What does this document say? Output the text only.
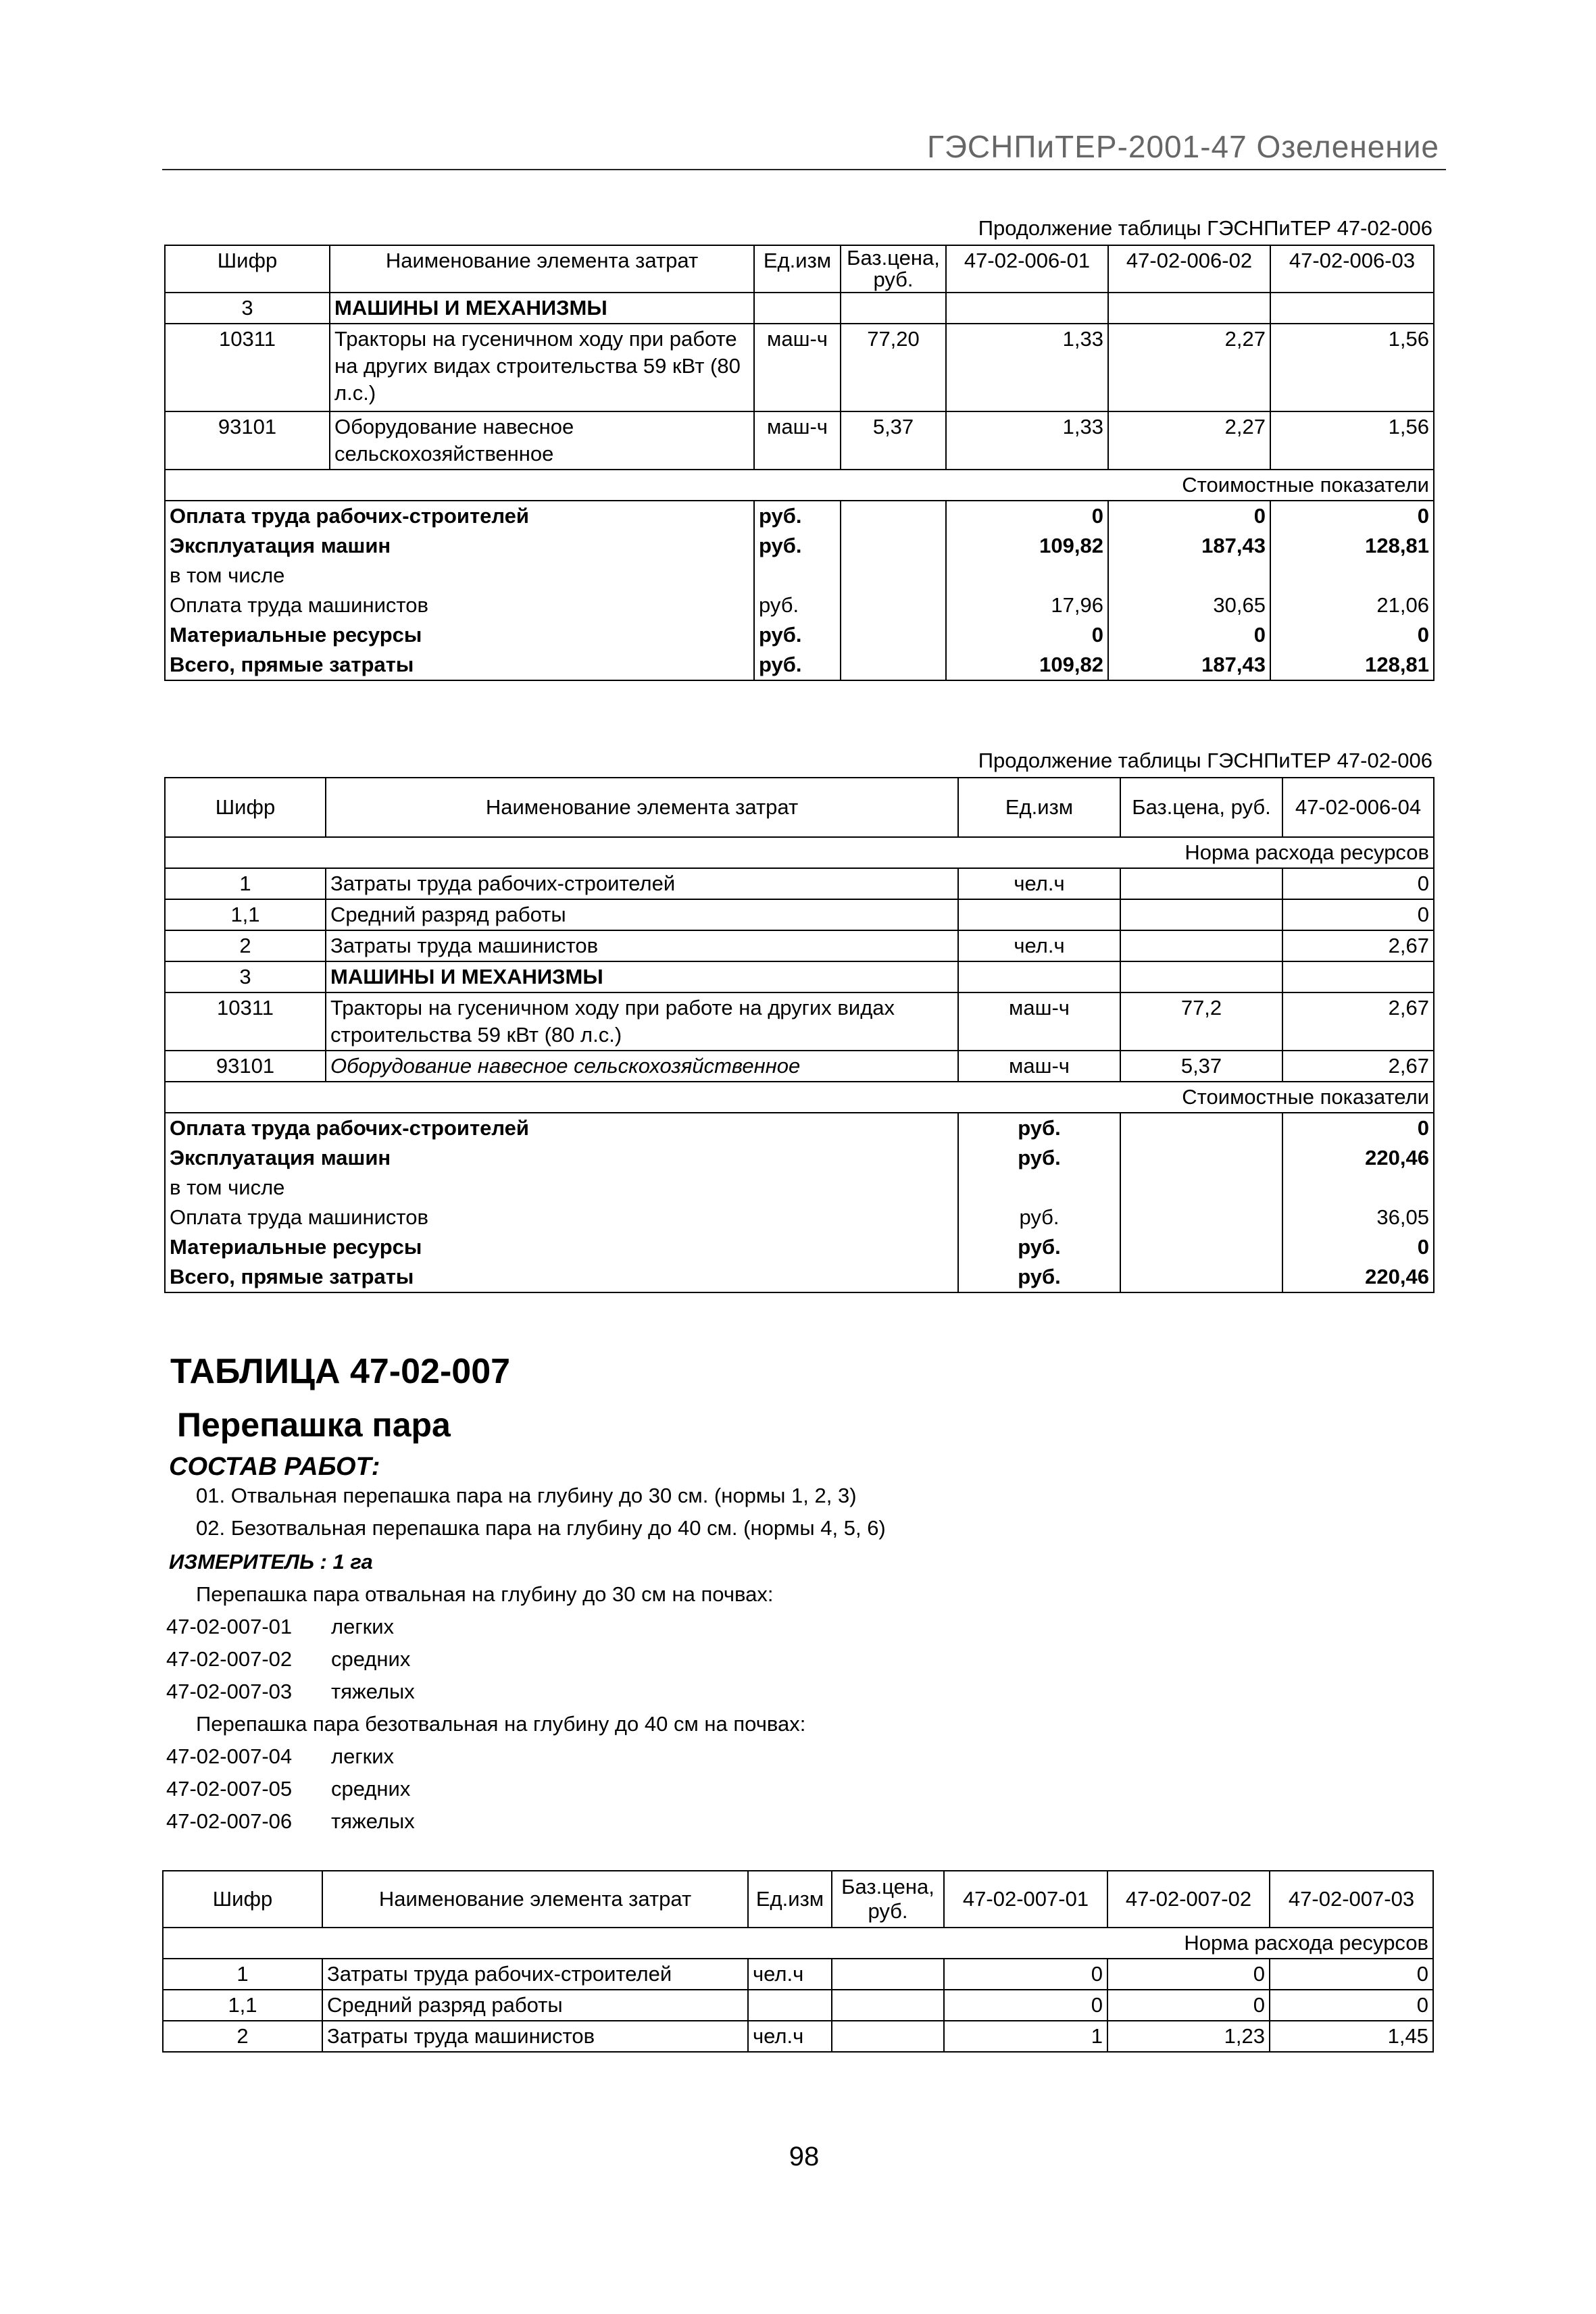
ГЭСНПиТЕР-2001-47 Озеленение
Продолжение таблицы ГЭСНПиТЕР 47-02-006
Шифр	Наименование элемента затрат	Ед.изм	Баз.цена, руб.	47-02-006-01	47-02-006-02	47-02-006-03
3	МАШИНЫ И МЕХАНИЗМЫ					
10311	Тракторы на гусеничном ходу при работе на других видах строительства 59 кВт (80 л.с.)	маш-ч	77,20	1,33	2,27	1,56
93101	Оборудование навесное сельскохозяйственное	маш-ч	5,37	1,33	2,27	1,56
Стоимостные показатели						
Оплата труда рабочих-строителей		руб.		0	0	0
Эксплуатация машин		руб.		109,82	187,43	128,81
в том числе						
Оплата труда машинистов		руб.		17,96	30,65	21,06
Материальные ресурсы		руб.		0	0	0
Всего, прямые затраты		руб.		109,82	187,43	128,81
Продолжение таблицы ГЭСНПиТЕР 47-02-006
Шифр	Наименование элемента затрат	Ед.изм	Баз.цена, руб.	47-02-006-04
Норма расхода ресурсов				
1	Затраты труда рабочих-строителей	чел.ч		0
1,1	Средний разряд работы			0
2	Затраты труда машинистов	чел.ч		2,67
3	МАШИНЫ И МЕХАНИЗМЫ			
10311	Тракторы на гусеничном ходу при работе на других видах строительства 59 кВт (80 л.с.)	маш-ч	77,2	2,67
93101	Оборудование навесное сельскохозяйственное	маш-ч	5,37	2,67
Стоимостные показатели				
Оплата труда рабочих-строителей		руб.		0
Эксплуатация машин		руб.		220,46
в том числе				
Оплата труда машинистов		руб.		36,05
Материальные ресурсы		руб.		0
Всего, прямые затраты		руб.		220,46
ТАБЛИЦА 47-02-007
Перепашка пара
СОСТАВ РАБОТ:
01. Отвальная перепашка пара на глубину до 30 см. (нормы 1, 2, 3)
02. Безотвальная перепашка пара на глубину до 40 см. (нормы 4, 5, 6)
ИЗМЕРИТЕЛЬ : 1 га
Перепашка пара отвальная на глубину до 30 см на почвах:
47-02-007-01 легких
47-02-007-02 средних
47-02-007-03 тяжелых
Перепашка пара безотвальная на глубину до 40 см на почвах:
47-02-007-04 легких
47-02-007-05 средних
47-02-007-06 тяжелых
Шифр	Наименование элемента затрат	Ед.изм	Баз.цена, руб.	47-02-007-01	47-02-007-02	47-02-007-03
Норма расхода ресурсов						
1	Затраты труда рабочих-строителей	чел.ч		0	0	0
1,1	Средний разряд работы			0	0	0
2	Затраты труда машинистов	чел.ч		1	1,23	1,45
98
